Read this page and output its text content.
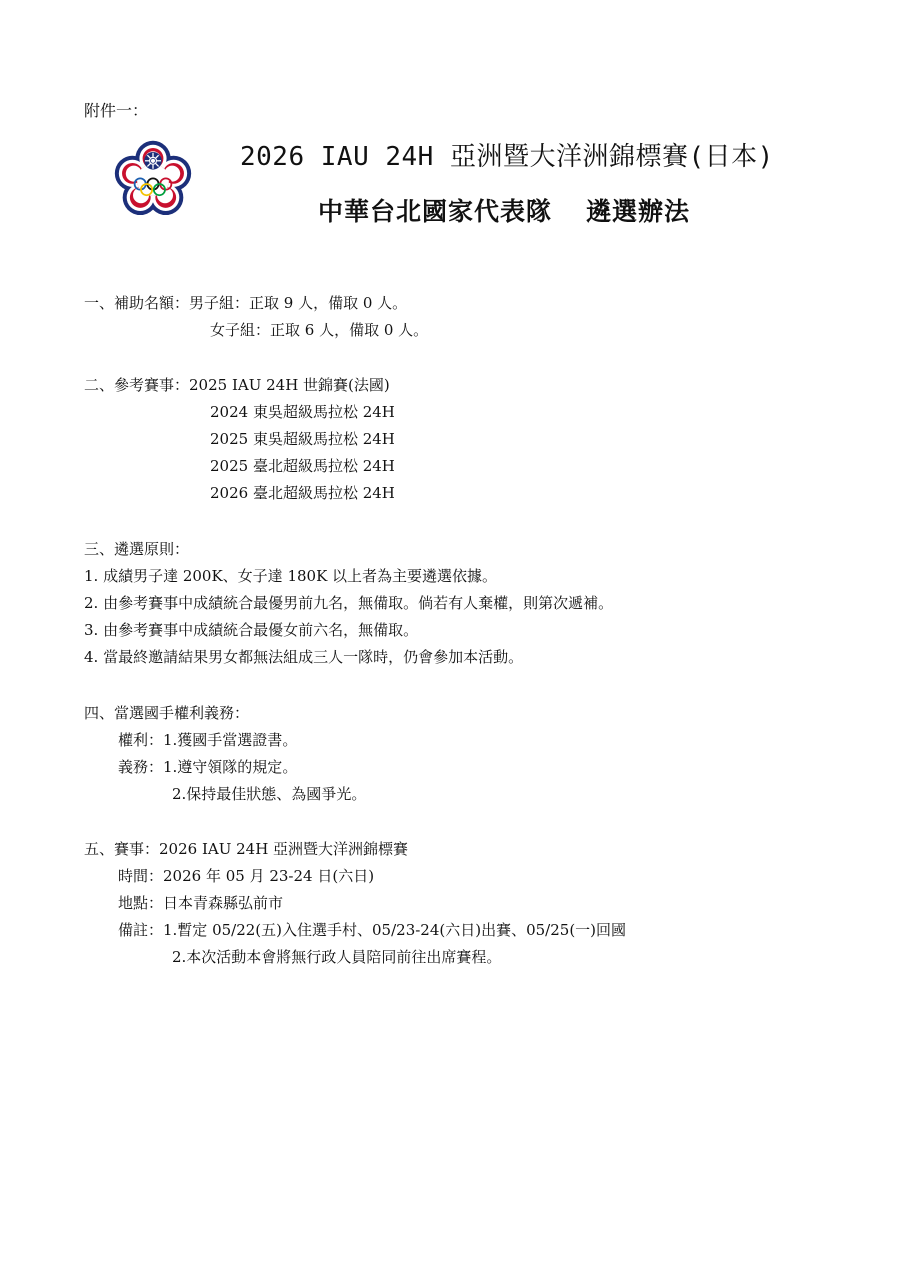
附件一：
2026 IAU 24H 亞洲暨大洋洲錦標賽(日本)
中華台北國家代表隊 遴選辦法
一、補助名額：男子組：正取 9 人，備取 0 人。
女子組：正取 6 人，備取 0 人。
二、參考賽事：2025 IAU 24H 世錦賽(法國)
2024 東吳超級馬拉松 24H
2025 東吳超級馬拉松 24H
2025 臺北超級馬拉松 24H
2026 臺北超級馬拉松 24H
三、遴選原則：
1. 成績男子達 200K、女子達 180K 以上者為主要遴選依據。
2. 由參考賽事中成績統合最優男前九名，無備取。倘若有人棄權，則第次遞補。
3. 由參考賽事中成績統合最優女前六名，無備取。
4. 當最終邀請結果男女都無法組成三人一隊時，仍會參加本活動。
四、當選國手權利義務：
權利：1.獲國手當選證書。
義務：1.遵守領隊的規定。
2.保持最佳狀態、為國爭光。
五、賽事：2026 IAU 24H 亞洲暨大洋洲錦標賽
時間：2026 年 05 月 23-24 日(六日)
地點：日本青森縣弘前市
備註：1.暫定 05/22(五)入住選手村、05/23-24(六日)出賽、05/25(一)回國
2.本次活動本會將無行政人員陪同前往出席賽程。
